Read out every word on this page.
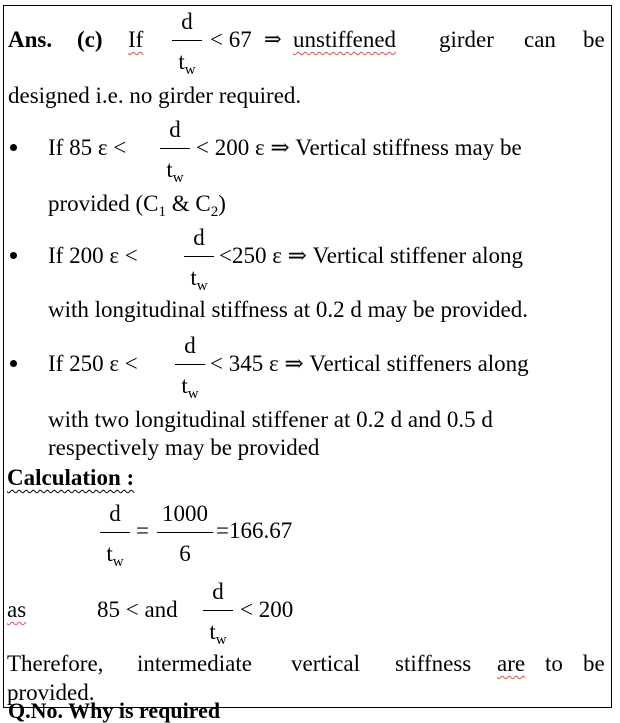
Ans. (c) If
d
$t_w$
< 67 ⇒ unstiffened girder can be
designed i.e. no girder required.
If 85 ε <
d
$t_w$
< 200 ε ⇒ Vertical stiffness may be
provided ($C_1$ & $C_2$)
If 200 ε <
d
$t_w$
<250 ε ⇒ Vertical stiffener along
with longitudinal stiffness at 0.2 d may be provided.
If 250 ε <
d
$t_w$
< 345 ε ⇒ Vertical stiffeners along
with two longitudinal stiffener at 0.2 d and 0.5 d
respectively may be provided
Calculation :
d
$t_w$
=
1000
6
=166.67
as	85 < and
d
$t_w$
< 200
Therefore, intermediate vertical stiffness are to be
provided.
Q.No. Why is required
